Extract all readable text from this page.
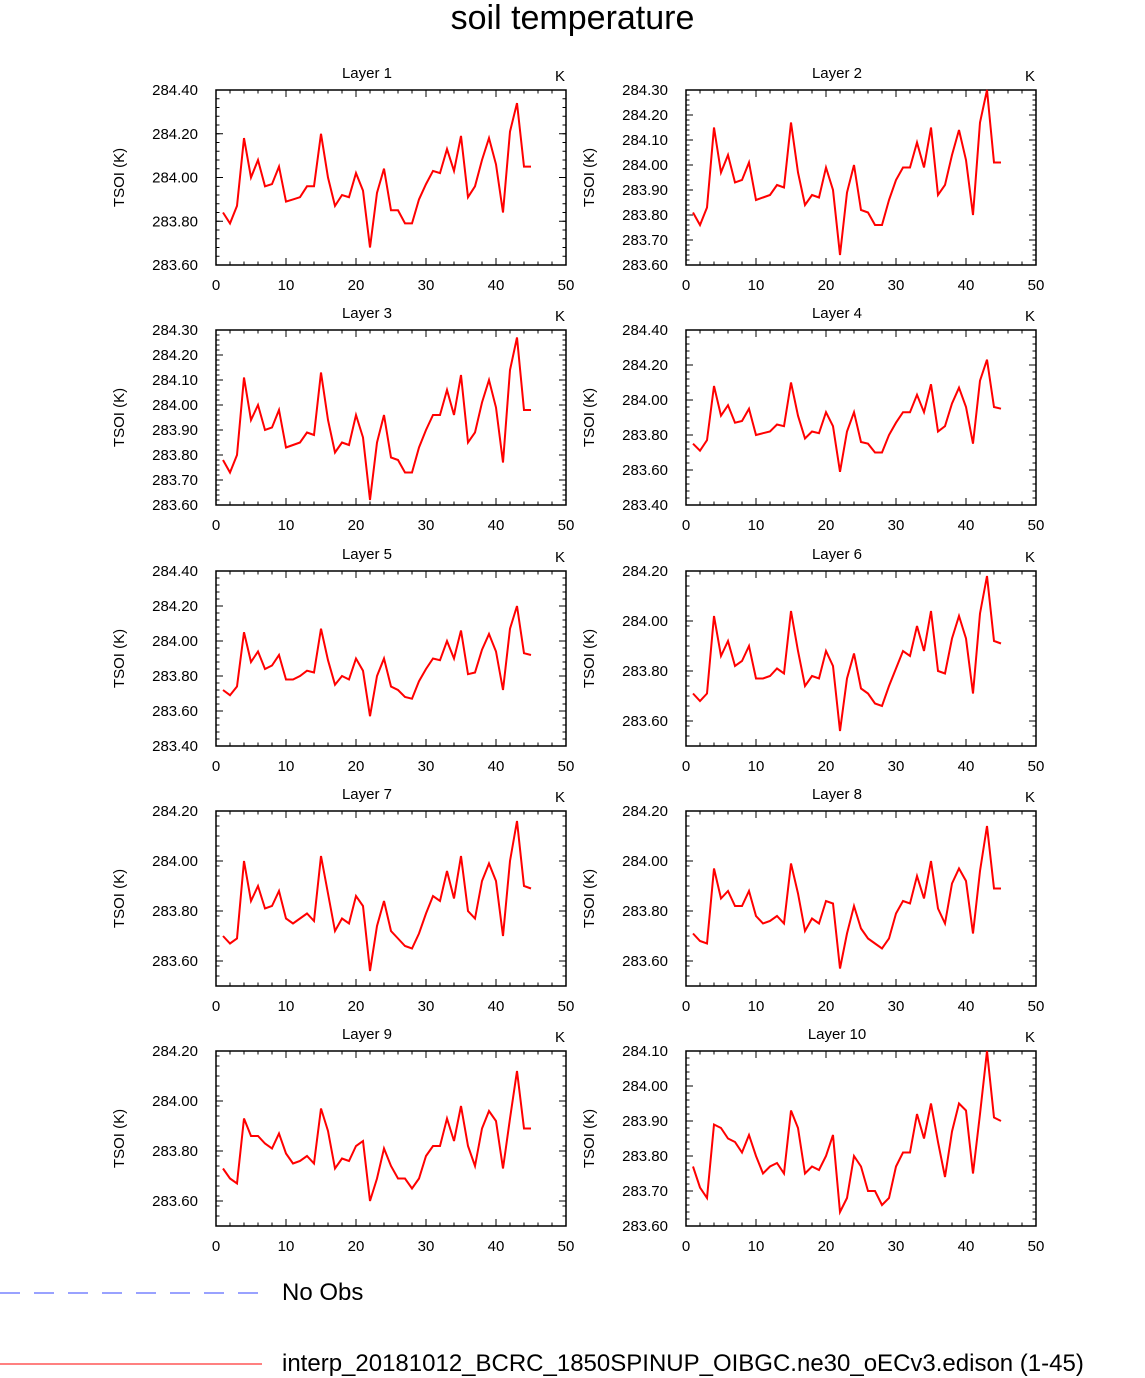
soil temperature
0	10	20	30	40	50
283.60
283.80
284.00
284.20
284.40
Layer 1	K
TSOI (K)
0	10	20	30	40	50
283.60
283.70
283.80
283.90
284.00
284.10
284.20
284.30
Layer 2	K
TSOI (K)
0	10	20	30	40	50
283.60
283.70
283.80
283.90
284.00
284.10
284.20
284.30
Layer 3	K
TSOI (K)
0	10	20	30	40	50
283.40
283.60
283.80
284.00
284.20
284.40
Layer 4	K
TSOI (K)
0	10	20	30	40	50
283.40
283.60
283.80
284.00
284.20
284.40
Layer 5	K
TSOI (K)
0	10	20	30	40	50
283.60
283.80
284.00
284.20
Layer 6	K
TSOI (K)
0	10	20	30	40	50
283.60
283.80
284.00
284.20
Layer 7	K
TSOI (K)
0	10	20	30	40	50
283.60
283.80
284.00
284.20
Layer 8	K
TSOI (K)
0	10	20	30	40	50
283.60
283.80
284.00
284.20
Layer 9	K
TSOI (K)
0	10	20	30	40	50
283.60
283.70
283.80
283.90
284.00
284.10
Layer 10	K
TSOI (K)
No Obs
interp_20181012_BCRC_1850SPINUP_OIBGC.ne30_oECv3.edison (1-45)
